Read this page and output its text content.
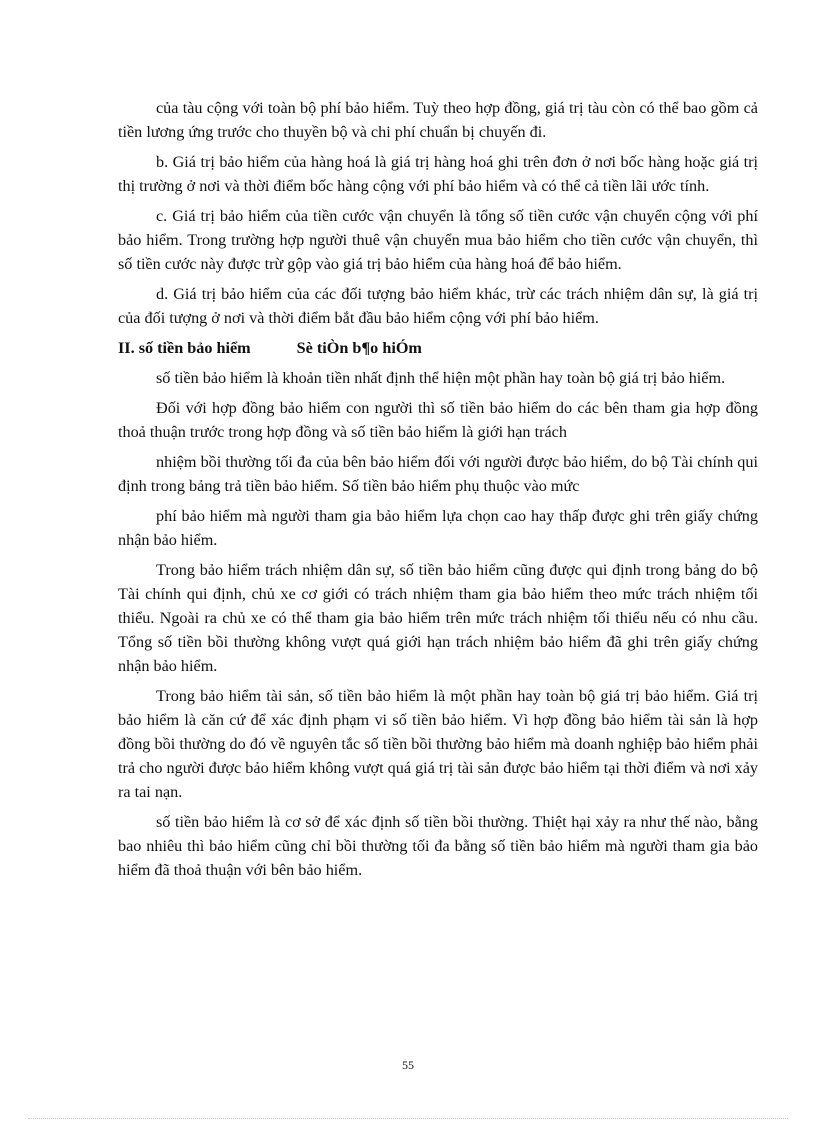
của tàu cộng với toàn bộ phí bảo hiểm. Tuỳ theo hợp đồng, giá trị tàu còn có thể bao gồm cả tiền lương ứng trước cho thuyền bộ và chi phí chuẩn bị chuyến đi.

b. Giá trị bảo hiểm của hàng hoá là giá trị hàng hoá ghi trên đơn ở nơi bốc hàng hoặc giá trị thị trường ở nơi và thời điểm bốc hàng cộng với phí bảo hiểm và có thể cả tiền lãi ước tính.

c. Giá trị bảo hiểm của tiền cước vận chuyển là tổng số tiền cước vận chuyển cộng với phí bảo hiểm. Trong trường hợp người thuê vận chuyển mua bảo hiểm cho tiền cước vận chuyển, thì số tiền cước này được trừ gộp vào giá trị bảo hiểm của hàng hoá để bảo hiểm.

d. Giá trị bảo hiểm của các đối tượng bảo hiểm khác, trừ các trách nhiệm dân sự, là giá trị của đối tượng ở nơi và thời điểm bắt đầu bảo hiểm cộng với phí bảo hiểm.

II. số tiền bảo hiểm	Sè tiÒn b¶o hiÓm

số tiền bảo hiểm là khoản tiền nhất định thể hiện một phần hay toàn bộ giá trị bảo hiểm.

Đối với hợp đồng bảo hiểm con người thì số tiền bảo hiểm do các bên tham gia hợp đồng thoả thuận trước trong hợp đồng và số tiền bảo hiểm là giới hạn trách

nhiệm bồi thường tối đa của bên bảo hiểm đối với người được bảo hiểm, do bộ Tài chính qui định trong bảng trả tiền bảo hiểm. Số tiền bảo hiểm phụ thuộc vào mức

phí bảo hiểm mà người tham gia bảo hiểm lựa chọn cao hay thấp được ghi trên giấy chứng nhận bảo hiểm.

Trong bảo hiểm trách nhiệm dân sự, số tiền bảo hiểm cũng được qui định trong bảng do bộ Tài chính qui định, chủ xe cơ giới có trách nhiệm tham gia bảo hiểm theo mức trách nhiệm tối thiểu. Ngoài ra chủ xe có thể tham gia bảo hiểm trên mức trách nhiệm tối thiểu nếu có nhu cầu. Tổng số tiền bồi thường không vượt quá giới hạn trách nhiệm bảo hiểm đã ghi trên giấy chứng nhận bảo hiểm.

Trong bảo hiểm tài sản, số tiền bảo hiểm là một phần hay toàn bộ giá trị bảo hiểm. Giá trị bảo hiểm là căn cứ để xác định phạm vi số tiền bảo hiểm. Vì hợp đồng bảo hiểm tài sản là hợp đồng bồi thường do đó về nguyên tắc số tiền bồi thường bảo hiểm mà doanh nghiệp bảo hiểm phải trả cho người được bảo hiểm không vượt quá giá trị tài sản được bảo hiểm tại thời điểm và nơi xảy ra tai nạn.

số tiền bảo hiểm là cơ sở để xác định số tiền bồi thường. Thiệt hại xảy ra như thế nào, bằng bao nhiêu thì bảo hiểm cũng chỉ bồi thường tối đa bằng số tiền bảo hiểm mà người tham gia bảo hiểm đã thoả thuận với bên bảo hiểm.

55
